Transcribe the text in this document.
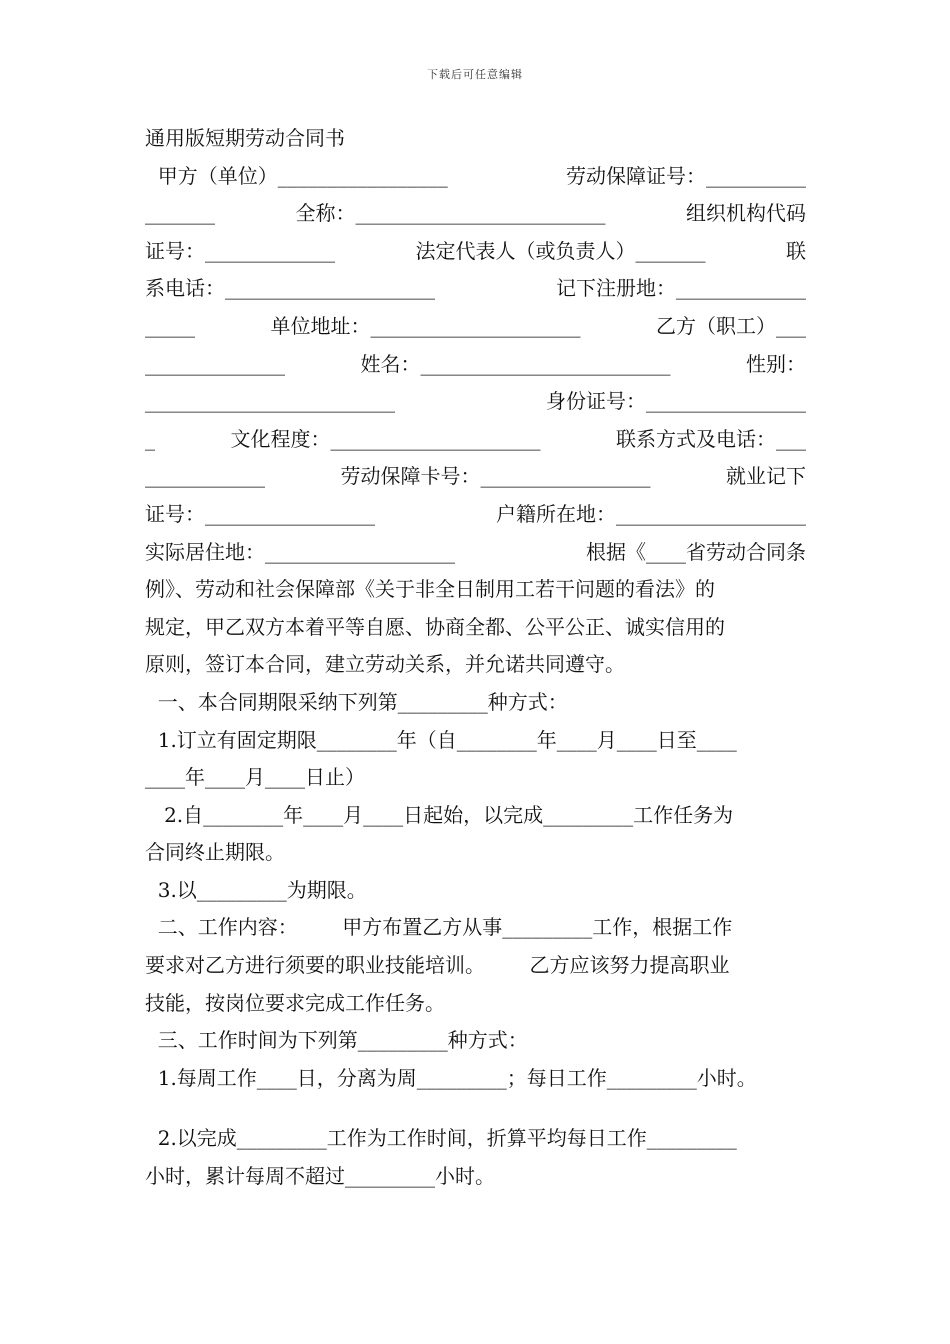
下载后可任意编辑
通用版短期劳动合同书
甲方（单位）_________________	劳动保障证号：__________
_______	全称：_________________________	组织机构代码
证号：_____________	法定代表人（或负责人）_______	联
系电话：_____________________	记下注册地：_____________
_____	单位地址：_____________________	乙方（职工）___
______________	姓名：_________________________	性别：
_________________________	身份证号：________________
_	文化程度：_____________________	联系方式及电话：___
____________	劳动保障卡号：_________________	就业记下
证号：_________________	户籍所在地：___________________
实际居住地：___________________	根据《____省劳动合同条
例》、劳动和社会保障部《关于非全日制用工若干问题的看法》的
规定，甲乙双方本着平等自愿、协商全都、公平公正、诚实信用的
原则，签订本合同，建立劳动关系，并允诺共同遵守。
一、本合同期限采纳下列第_________种方式：
1.订立有固定期限________年（自________年____月____日至____
____年____月____日止）
2.自________年____月____日起始，以完成_________工作任务为
合同终止期限。
3.以_________为期限。
二、工作内容：       甲方布置乙方从事_________工作，根据工作
要求对乙方进行须要的职业技能培训。       乙方应该努力提高职业
技能，按岗位要求完成工作任务。
三、工作时间为下列第_________种方式：
1.每周工作____日，分离为周_________；每日工作_________小时。
2.以完成_________工作为工作时间，折算平均每日工作_________
小时，累计每周不超过_________小时。
